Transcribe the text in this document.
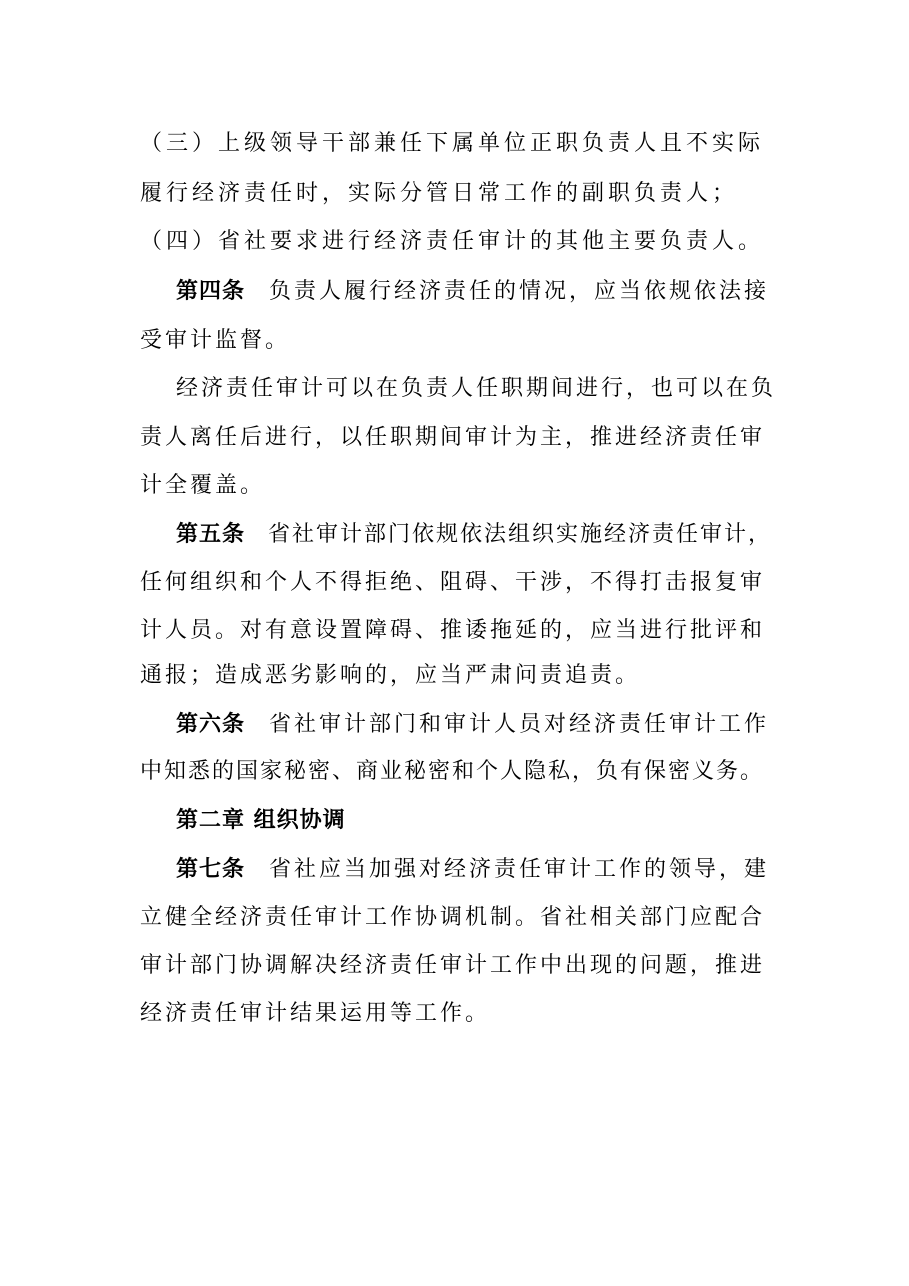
（三）上级领导干部兼任下属单位正职负责人且不实际
履行经济责任时，实际分管日常工作的副职负责人；
（四）省社要求进行经济责任审计的其他主要负责人。
第四条 负责人履行经济责任的情况，应当依规依法接
受审计监督。
经济责任审计可以在负责人任职期间进行，也可以在负
责人离任后进行，以任职期间审计为主，推进经济责任审
计全覆盖。
第五条 省社审计部门依规依法组织实施经济责任审计，
任何组织和个人不得拒绝、阻碍、干涉，不得打击报复审
计人员。对有意设置障碍、推诿拖延的，应当进行批评和
通报；造成恶劣影响的，应当严肃问责追责。
第六条 省社审计部门和审计人员对经济责任审计工作
中知悉的国家秘密、商业秘密和个人隐私，负有保密义务。
第二章 组织协调
第七条 省社应当加强对经济责任审计工作的领导，建
立健全经济责任审计工作协调机制。省社相关部门应配合
审计部门协调解决经济责任审计工作中出现的问题，推进
经济责任审计结果运用等工作。
